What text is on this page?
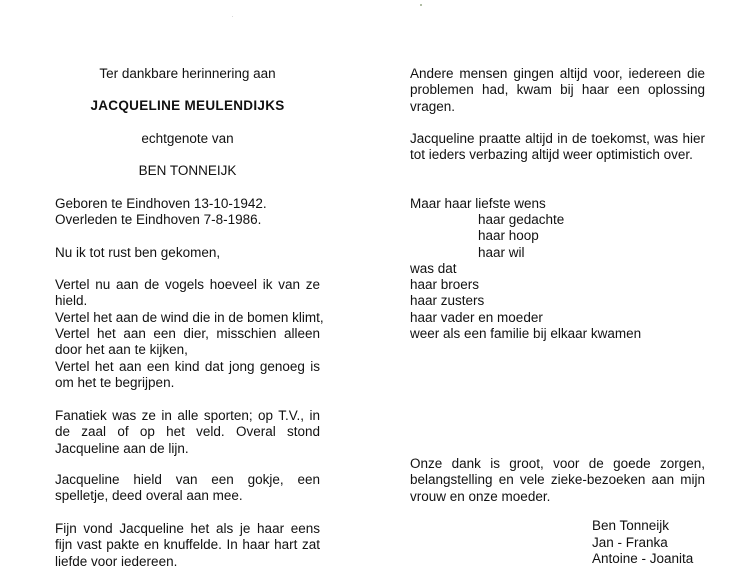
Ter dankbare herinnering aan
JACQUELINE MEULENDIJKS
echtgenote van
BEN TONNEIJK
Geboren te Eindhoven 13-10-1942.
Overleden te Eindhoven 7-8-1986.
Nu ik tot rust ben gekomen,
Vertel nu aan de vogels hoeveel ik van ze hield.
Vertel het aan de wind die in de bomen klimt,
Vertel het aan een dier, misschien alleen door het aan te kijken,
Vertel het aan een kind dat jong genoeg is om het te begrijpen.
Fanatiek was ze in alle sporten; op T.V., in de zaal of op het veld. Overal stond Jacqueline aan de lijn.
Jacqueline hield van een gokje, een spelletje, deed overal aan mee.
Fijn vond Jacqueline het als je haar eens fijn vast pakte en knuffelde. In haar hart zat liefde voor iedereen.
Andere mensen gingen altijd voor, iedereen die problemen had, kwam bij haar een oplossing vragen.
Jacqueline praatte altijd in de toekomst, was hier tot ieders verbazing altijd weer optimistich over.
Maar haar liefste wens
haar gedachte
haar hoop
haar wil
was dat
haar broers
haar zusters
haar vader en moeder
weer als een familie bij elkaar kwamen
Onze dank is groot, voor de goede zorgen, belangstelling en vele zieke-bezoeken aan mijn vrouw en onze moeder.
Ben Tonneijk
Jan - Franka
Antoine - Joanita
